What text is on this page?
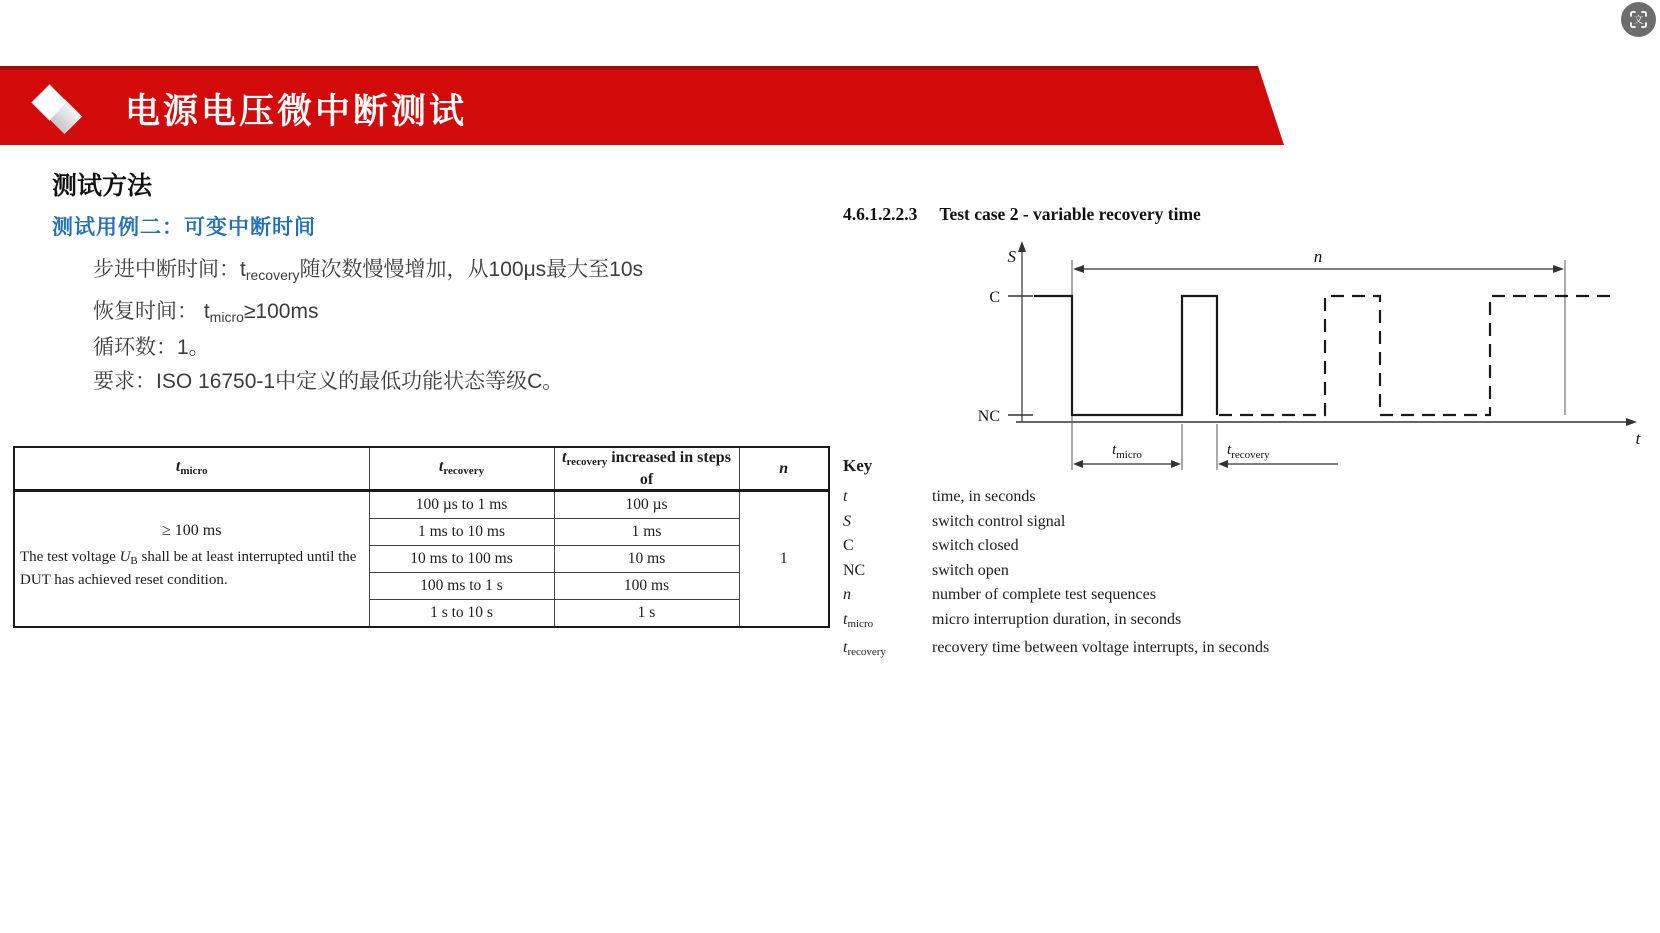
文
电源电压微中断测试
测试方法
测试用例二：可变中断时间
步进中断时间：trecovery随次数慢慢增加，从100μs最大至10s
恢复时间： tmicro≥100ms
循环数：1。
要求：ISO 16750-1中定义的最低功能状态等级C。
$t_{micro}$	$t_{recovery}$	$t_{recovery}$ increased in steps of	n

≥ 100 ms
The test voltage $U_B$ shall be at least interrupted until the DUT has achieved reset condition.	100 µs to 1 ms	100 µs	1
	1 ms to 10 ms	1 ms	
	10 ms to 100 ms	10 ms	
	100 ms to 1 s	100 ms	
	1 s to 10 s	1 s	
4.6.1.2.2.3 Test case 2 - variable recovery time
S
C
NC
t
n
$t_{micro}$	$t_{recovery}$
Key
t	time, in seconds
S	switch control signal
C	switch closed
NC	switch open
n	number of complete test sequences
$t_{micro}$	micro interruption duration, in seconds
$t_{recovery}$	recovery time between voltage interrupts, in seconds
